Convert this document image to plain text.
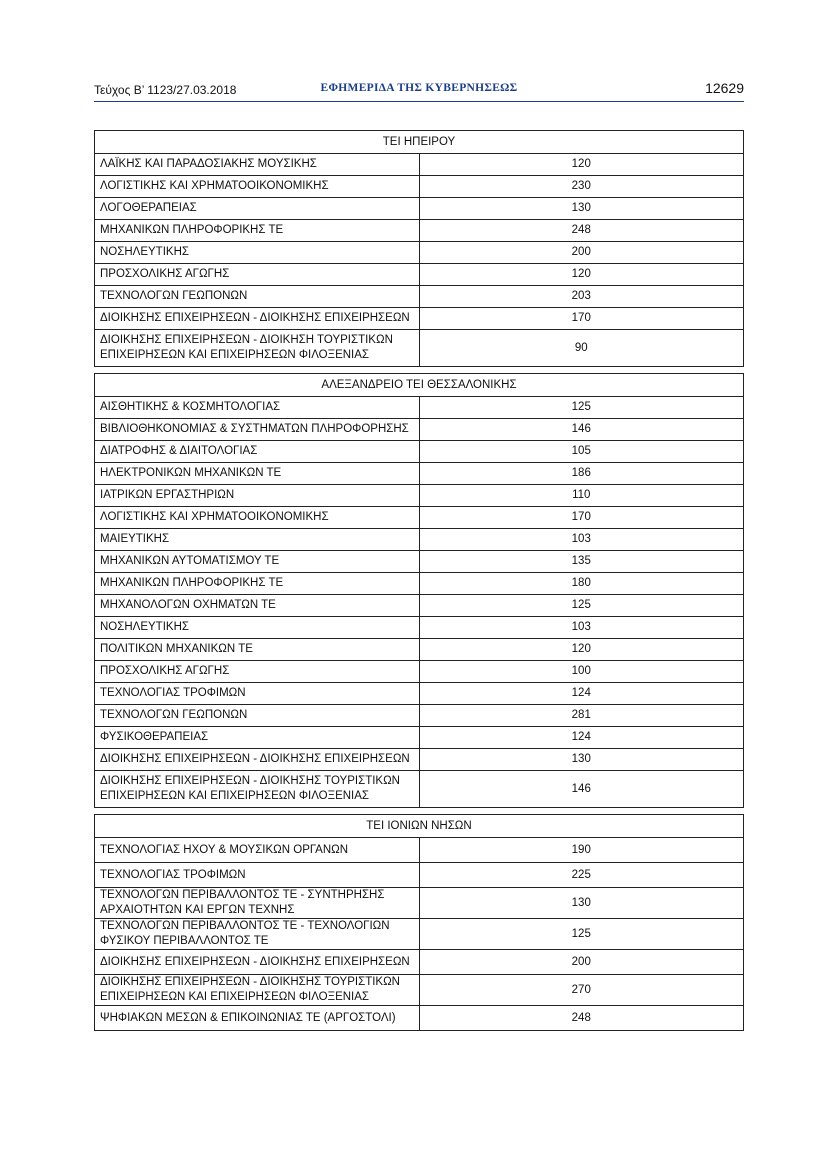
Τεύχος Β’ 1123/27.03.2018	ΕΦΗΜΕΡΙΔΑ ΤΗΣ ΚΥΒΕΡΝΗΣΕΩΣ	12629
ΤΕΙ ΗΠΕΙΡΟΥ	
ΛΑΪΚΗΣ ΚΑΙ ΠΑΡΑΔΟΣΙΑΚΗΣ ΜΟΥΣΙΚΗΣ	120
ΛΟΓΙΣΤΙΚΗΣ ΚΑΙ ΧΡΗΜΑΤΟΟΙΚΟΝΟΜΙΚΗΣ	230
ΛΟΓΟΘΕΡΑΠΕΙΑΣ	130
ΜΗΧΑΝΙΚΩΝ ΠΛΗΡΟΦΟΡΙΚΗΣ ΤΕ	248
ΝΟΣΗΛΕΥΤΙΚΗΣ	200
ΠΡΟΣΧΟΛΙΚΗΣ ΑΓΩΓΗΣ	120
ΤΕΧΝΟΛΟΓΩΝ ΓΕΩΠΟΝΩΝ	203
ΔΙΟΙΚΗΣΗΣ ΕΠΙΧΕΙΡΗΣΕΩΝ - ΔΙΟΙΚΗΣΗΣ ΕΠΙΧΕΙΡΗΣΕΩΝ	170
ΔΙΟΙΚΗΣΗΣ ΕΠΙΧΕΙΡΗΣΕΩΝ - ΔΙΟΙΚΗΣΗ ΤΟΥΡΙΣΤΙΚΩΝ ΕΠΙΧΕΙΡΗΣΕΩΝ ΚΑΙ ΕΠΙΧΕΙΡΗΣΕΩΝ ΦΙΛΟΞΕΝΙΑΣ	90
ΑΛΕΞΑΝΔΡΕΙΟ ΤΕΙ ΘΕΣΣΑΛΟΝΙΚΗΣ	
ΑΙΣΘΗΤΙΚΗΣ & ΚΟΣΜΗΤΟΛΟΓΙΑΣ	125
ΒΙΒΛΙΟΘΗΚΟΝΟΜΙΑΣ & ΣΥΣΤΗΜΑΤΩΝ ΠΛΗΡΟΦΟΡΗΣΗΣ	146
ΔΙΑΤΡΟΦΗΣ & ΔΙΑΙΤΟΛΟΓΙΑΣ	105
ΗΛΕΚΤΡΟΝΙΚΩΝ ΜΗΧΑΝΙΚΩΝ ΤΕ	186
ΙΑΤΡΙΚΩΝ ΕΡΓΑΣΤΗΡΙΩΝ	110
ΛΟΓΙΣΤΙΚΗΣ ΚΑΙ ΧΡΗΜΑΤΟΟΙΚΟΝΟΜΙΚΗΣ	170
ΜΑΙΕΥΤΙΚΗΣ	103
ΜΗΧΑΝΙΚΩΝ ΑΥΤΟΜΑΤΙΣΜΟΥ ΤΕ	135
ΜΗΧΑΝΙΚΩΝ ΠΛΗΡΟΦΟΡΙΚΗΣ ΤΕ	180
ΜΗΧΑΝΟΛΟΓΩΝ ΟΧΗΜΑΤΩΝ ΤΕ	125
ΝΟΣΗΛΕΥΤΙΚΗΣ	103
ΠΟΛΙΤΙΚΩΝ ΜΗΧΑΝΙΚΩΝ ΤΕ	120
ΠΡΟΣΧΟΛΙΚΗΣ ΑΓΩΓΗΣ	100
ΤΕΧΝΟΛΟΓΙΑΣ ΤΡΟΦΙΜΩΝ	124
ΤΕΧΝΟΛΟΓΩΝ ΓΕΩΠΟΝΩΝ	281
ΦΥΣΙΚΟΘΕΡΑΠΕΙΑΣ	124
ΔΙΟΙΚΗΣΗΣ ΕΠΙΧΕΙΡΗΣΕΩΝ - ΔΙΟΙΚΗΣΗΣ ΕΠΙΧΕΙΡΗΣΕΩΝ	130
ΔΙΟΙΚΗΣΗΣ ΕΠΙΧΕΙΡΗΣΕΩΝ - ΔΙΟΙΚΗΣΗΣ ΤΟΥΡΙΣΤΙΚΩΝ ΕΠΙΧΕΙΡΗΣΕΩΝ ΚΑΙ ΕΠΙΧΕΙΡΗΣΕΩΝ ΦΙΛΟΞΕΝΙΑΣ	146
ΤΕΙ ΙΟΝΙΩΝ ΝΗΣΩΝ	
ΤΕΧΝΟΛΟΓΙΑΣ ΗΧΟΥ & ΜΟΥΣΙΚΩΝ ΟΡΓΑΝΩΝ	190
ΤΕΧΝΟΛΟΓΙΑΣ ΤΡΟΦΙΜΩΝ	225
ΤΕΧΝΟΛΟΓΩΝ ΠΕΡΙΒΑΛΛΟΝΤΟΣ ΤΕ - ΣΥΝΤΗΡΗΣΗΣ ΑΡΧΑΙΟΤΗΤΩΝ ΚΑΙ ΕΡΓΩΝ ΤΕΧΝΗΣ	130
ΤΕΧΝΟΛΟΓΩΝ ΠΕΡΙΒΑΛΛΟΝΤΟΣ ΤΕ - ΤΕΧΝΟΛΟΓΙΩΝ ΦΥΣΙΚΟΥ ΠΕΡΙΒΑΛΛΟΝΤΟΣ ΤΕ	125
ΔΙΟΙΚΗΣΗΣ ΕΠΙΧΕΙΡΗΣΕΩΝ - ΔΙΟΙΚΗΣΗΣ ΕΠΙΧΕΙΡΗΣΕΩΝ	200
ΔΙΟΙΚΗΣΗΣ ΕΠΙΧΕΙΡΗΣΕΩΝ - ΔΙΟΙΚΗΣΗΣ ΤΟΥΡΙΣΤΙΚΩΝ ΕΠΙΧΕΙΡΗΣΕΩΝ ΚΑΙ ΕΠΙΧΕΙΡΗΣΕΩΝ ΦΙΛΟΞΕΝΙΑΣ	270
ΨΗΦΙΑΚΩΝ ΜΕΣΩΝ & ΕΠΙΚΟΙΝΩΝΙΑΣ ΤΕ (ΑΡΓΟΣΤΟΛΙ)	248
